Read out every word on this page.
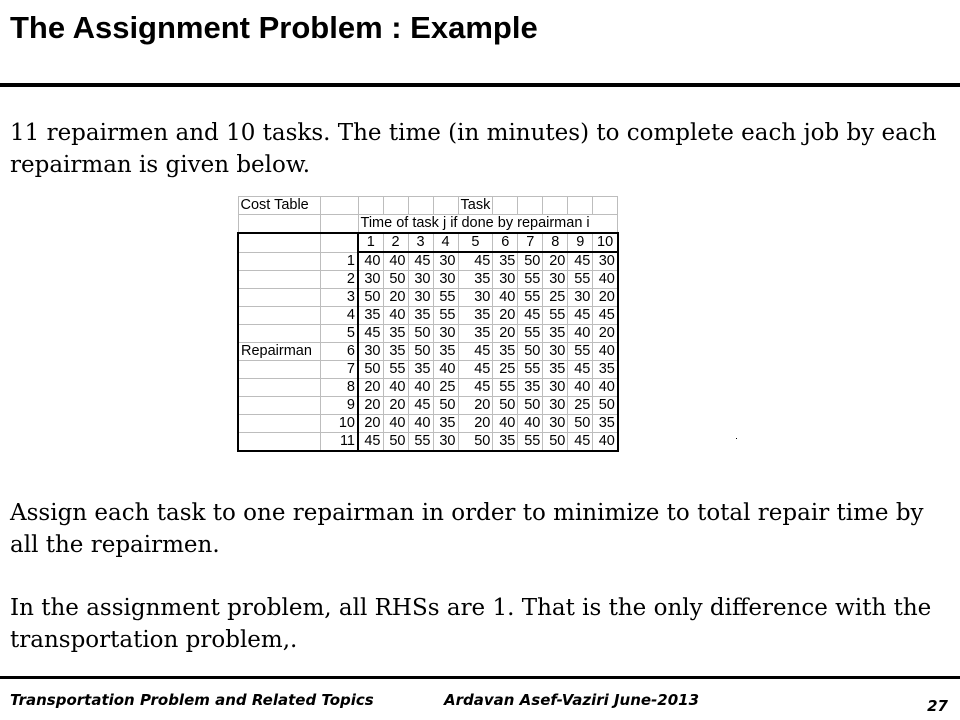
The Assignment Problem : Example
11 repairmen and 10 tasks. The time (in minutes) to complete each job by each repairman is given below.
Cost Table						Task					
		Time of task j if done by repairman i									
		1	2	3	4	5	6	7	8	9	10
	1	40	40	45	30	45	35	50	20	45	30
	2	30	50	30	30	35	30	55	30	55	40
	3	50	20	30	55	30	40	55	25	30	20
	4	35	40	35	55	35	20	45	55	45	45
	5	45	35	50	30	35	20	55	35	40	20
Repairman	6	30	35	50	35	45	35	50	30	55	40
	7	50	55	35	40	45	25	55	35	45	35
	8	20	40	40	25	45	55	35	30	40	40
	9	20	20	45	50	20	50	50	30	25	50
	10	20	40	40	35	20	40	40	30	50	35
	11	45	50	55	30	50	35	55	50	45	40
Assign each task to one repairman in order to minimize to total repair time by all the repairmen.
In the assignment problem, all RHSs are 1. That is the only difference with the transportation problem,.
Transportation Problem and Related Topics	Ardavan Asef-Vaziri June-2013	27
